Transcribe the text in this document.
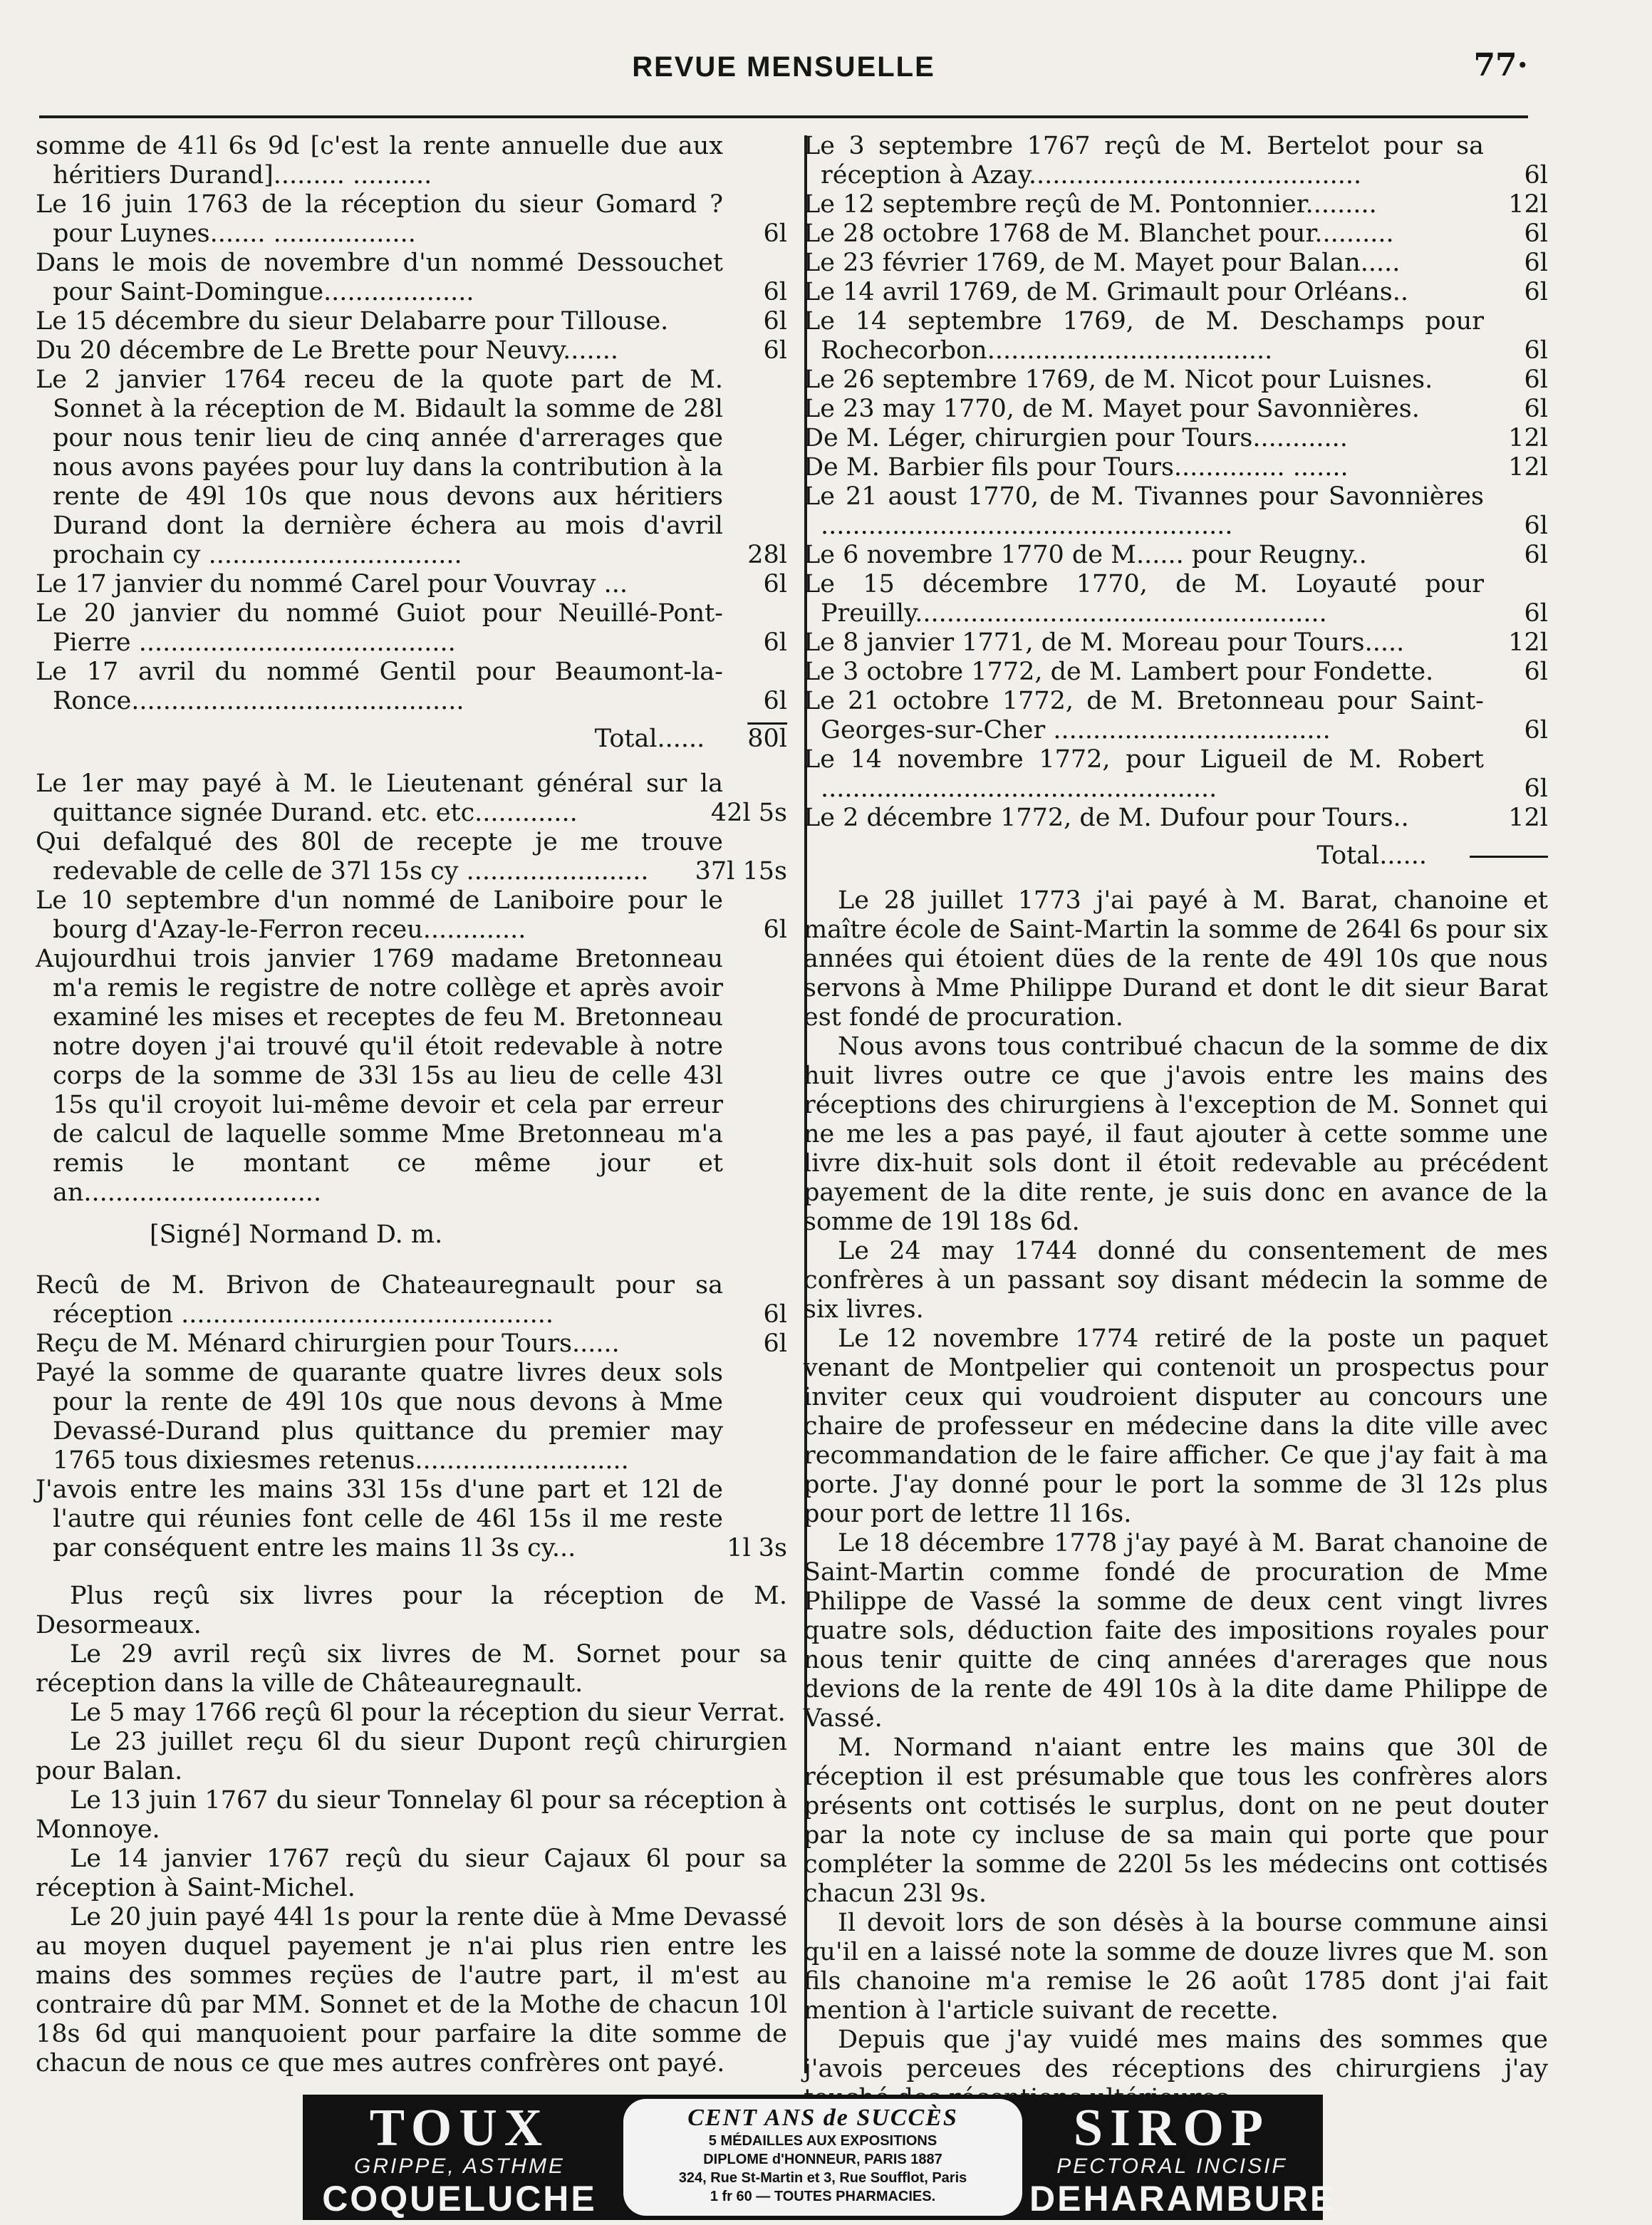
REVUE MENSUELLE	77·
somme de 41l 6s 9d [c'est la rente annuelle due aux héritiers Durand]......... ..........
Le 16 juin 1763 de la réception du sieur Gomard ? pour Luynes....... ..................	6l
Dans le mois de novembre d'un nommé Dessouchet pour Saint-Domingue...................	6l
Le 15 décembre du sieur Delabarre pour Tillouse.	6l
Du 20 décembre de Le Brette pour Neuvy.......	6l
Le 2 janvier 1764 receu de la quote part de M. Sonnet à la réception de M. Bidault la somme de 28l pour nous tenir lieu de cinq année d'arrerages que nous avons payées pour luy dans la contribution à la rente de 49l 10s que nous devons aux héritiers Durand dont la dernière échera au mois d'avril prochain cy ................................	28l
Le 17 janvier du nommé Carel pour Vouvray ...	6l
Le 20 janvier du nommé Guiot pour Neuillé-Pont-Pierre ........................................	6l
Le 17 avril du nommé Gentil pour Beaumont-la-Ronce..........................................	6l
Total...... 80l
Le 1er may payé à M. le Lieutenant général sur la quittance signée Durand. etc. etc.............	42l 5s
Qui defalqué des 80l de recepte je me trouve redevable de celle de 37l 15s cy ....................... 37l 15s
Le 10 septembre d'un nommé de Laniboire pour le bourg d'Azay-le-Ferron receu.............	6l
Aujourdhui trois janvier 1769 madame Bretonneau m'a remis le registre de notre collège et après avoir examiné les mises et receptes de feu M. Bretonneau notre doyen j'ai trouvé qu'il étoit redevable à notre corps de la somme de 33l 15s au lieu de celle 43l 15s qu'il croyoit lui-même devoir et cela par erreur de calcul de laquelle somme Mme Bretonneau m'a remis le montant ce même jour et an..............................
[Signé] Normand D. m.
Recû de M. Brivon de Chateauregnault pour sa réception ...............................................	6l
Reçu de M. Ménard chirurgien pour Tours......	6l
Payé la somme de quarante quatre livres deux sols pour la rente de 49l 10s que nous devons à Mme Devassé-Durand plus quittance du premier may 1765 tous dixiesmes retenus...........................
J'avois entre les mains 33l 15s d'une part et 12l de l'autre qui réunies font celle de 46l 15s il me reste par conséquent entre les mains 1l 3s cy...	1l 3s
Plus reçû six livres pour la réception de M. Desormeaux.
Le 29 avril reçû six livres de M. Sornet pour sa réception dans la ville de Châteauregnault.
Le 5 may 1766 reçû 6l pour la réception du sieur Verrat.
Le 23 juillet reçu 6l du sieur Dupont reçû chirurgien pour Balan.
Le 13 juin 1767 du sieur Tonnelay 6l pour sa réception à Monnoye.
Le 14 janvier 1767 reçû du sieur Cajaux 6l pour sa réception à Saint-Michel.
Le 20 juin payé 44l 1s pour la rente düe à Mme Devassé au moyen duquel payement je n'ai plus rien entre les mains des sommes reçües de l'autre part, il m'est au contraire dû par MM. Sonnet et de la Mothe de chacun 10l 18s 6d qui manquoient pour parfaire la dite somme de chacun de nous ce que mes autres confrères ont payé.
Le 3 septembre 1767 reçû de M. Bertelot pour sa réception à Azay..........................................	6l
Le 12 septembre reçû de M. Pontonnier.........	12l
Le 28 octobre 1768 de M. Blanchet pour..........	6l
Le 23 février 1769, de M. Mayet pour Balan.....	6l
Le 14 avril 1769, de M. Grimault pour Orléans..	6l
Le 14 septembre 1769, de M. Deschamps pour Rochecorbon....................................	6l
Le 26 septembre 1769, de M. Nicot pour Luisnes.	6l
Le 23 may 1770, de M. Mayet pour Savonnières.	6l
De M. Léger, chirurgien pour Tours............	12l
De M. Barbier fils pour Tours.............. .......	12l
Le 21 aoust 1770, de M. Tivannes pour Savonnières ....................................................	6l
Le 6 novembre 1770 de M...... pour Reugny..	6l
Le 15 décembre 1770, de M. Loyauté pour Preuilly....................................................	6l
Le 8 janvier 1771, de M. Moreau pour Tours.....	12l
Le 3 octobre 1772, de M. Lambert pour Fondette.	6l
Le 21 octobre 1772, de M. Bretonneau pour Saint-Georges-sur-Cher ...................................	6l
Le 14 novembre 1772, pour Ligueil de M. Robert ..................................................	6l
Le 2 décembre 1772, de M. Dufour pour Tours..	12l
Total......
Le 28 juillet 1773 j'ai payé à M. Barat, chanoine et maître école de Saint-Martin la somme de 264l 6s pour six années qui étoient dües de la rente de 49l 10s que nous servons à Mme Philippe Durand et dont le dit sieur Barat est fondé de procuration.
Nous avons tous contribué chacun de la somme de dix huit livres outre ce que j'avois entre les mains des réceptions des chirurgiens à l'exception de M. Sonnet qui ne me les a pas payé, il faut ajouter à cette somme une livre dix-huit sols dont il étoit redevable au précédent payement de la dite rente, je suis donc en avance de la somme de 19l 18s 6d.
Le 24 may 1744 donné du consentement de mes confrères à un passant soy disant médecin la somme de six livres.
Le 12 novembre 1774 retiré de la poste un paquet venant de Montpelier qui contenoit un prospectus pour inviter ceux qui voudroient disputer au concours une chaire de professeur en médecine dans la dite ville avec recommandation de le faire afficher. Ce que j'ay fait à ma porte. J'ay donné pour le port la somme de 3l 12s plus pour port de lettre 1l 16s.
Le 18 décembre 1778 j'ay payé à M. Barat chanoine de Saint-Martin comme fondé de procuration de Mme Philippe de Vassé la somme de deux cent vingt livres quatre sols, déduction faite des impositions royales pour nous tenir quitte de cinq années d'arerages que nous devions de la rente de 49l 10s à la dite dame Philippe de Vassé.
M. Normand n'aiant entre les mains que 30l de réception il est présumable que tous les confrères alors présents ont cottisés le surplus, dont on ne peut douter par la note cy incluse de sa main qui porte que pour compléter la somme de 220l 5s les médecins ont cottisés chacun 23l 9s.
Il devoit lors de son désès à la bourse commune ainsi qu'il en a laissé note la somme de douze livres que M. son fils chanoine m'a remise le 26 août 1785 dont j'ai fait mention à l'article suivant de recette.
Depuis que j'ay vuidé mes mains des sommes que j'avois perceues des réceptions des chirurgiens j'ay
TOUX
GRIPPE, ASTHME
COQUELUCHE
CENT ANS de SUCCÈS
5 MÉDAILLES AUX EXPOSITIONS
DIPLOME d'HONNEUR, PARIS 1887
324, Rue St-Martin et 3, Rue Soufflot, Paris
1 fr 60 — TOUTES PHARMACIES.
SIROP
PECTORAL INCISIF
DEHARAMBURE
